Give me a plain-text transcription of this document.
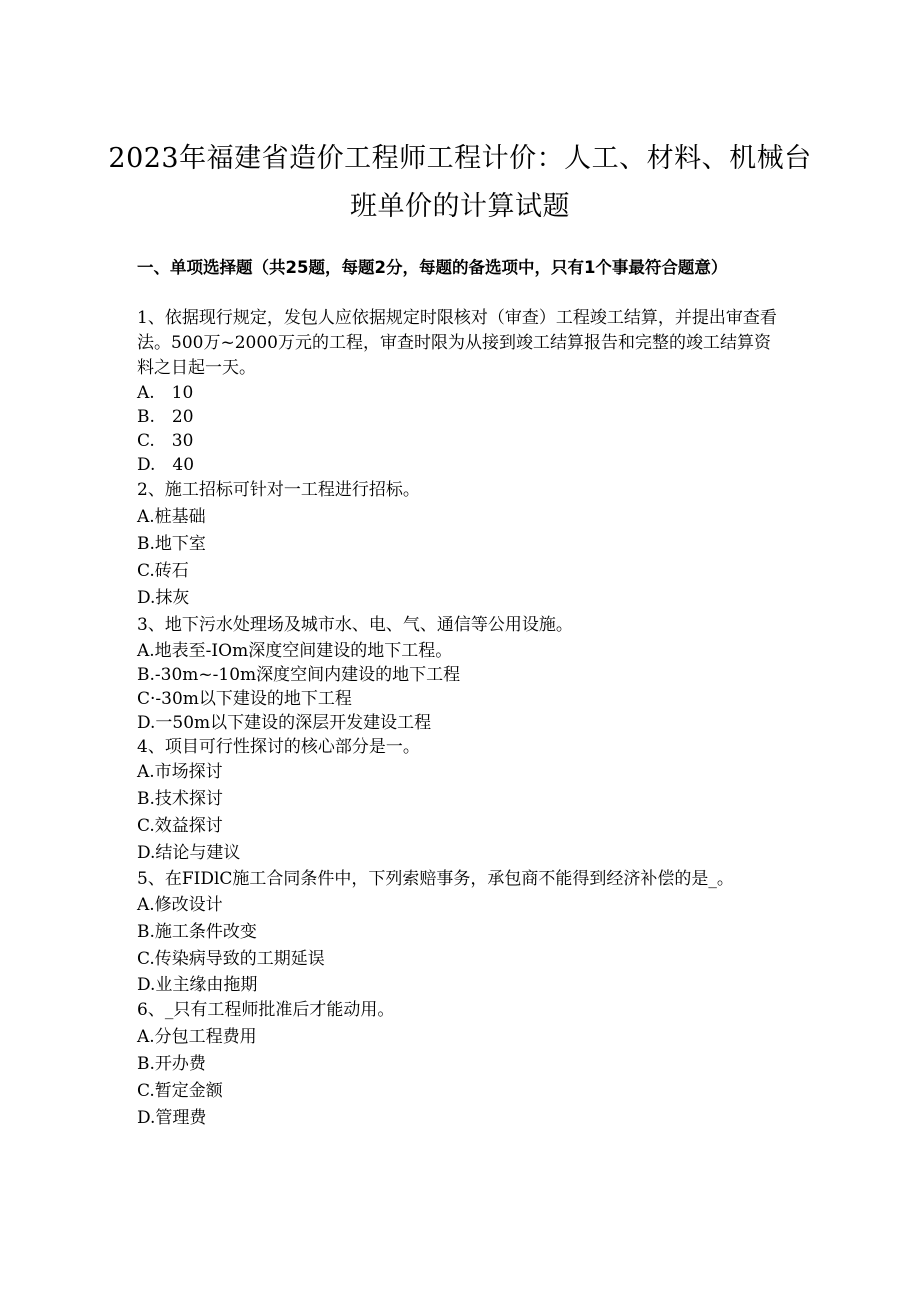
2023年福建省造价工程师工程计价：人工、材料、机械台
班单价的计算试题
一、单项选择题（共25题，每题2分，每题的备选项中，只有1个事最符合题意）
1、依据现行规定，发包人应依据规定时限核对（审查）工程竣工结算，并提出审查看法。500万~2000万元的工程，审查时限为从接到竣工结算报告和完整的竣工结算资料之日起一天。
A.　10
B.　20
C.　30
D.　40
2、施工招标可针对一工程进行招标。
A.桩基础
B.地下室
C.砖石
D.抹灰
3、地下污水处理场及城市水、电、气、通信等公用设施。
A.地表至-IOm深度空间建设的地下工程。
B.-30m~-10m深度空间内建设的地下工程
C·-30m以下建设的地下工程
D.一50m以下建设的深层开发建设工程
4、项目可行性探讨的核心部分是一。
A.市场探讨
B.技术探讨
C.效益探讨
D.结论与建议
5、在FIDlC施工合同条件中，下列索赔事务，承包商不能得到经济补偿的是_。
A.修改设计
B.施工条件改变
C.传染病导致的工期延误
D.业主缘由拖期
6、_只有工程师批准后才能动用。
A.分包工程费用
B.开办费
C.暂定金额
D.管理费
